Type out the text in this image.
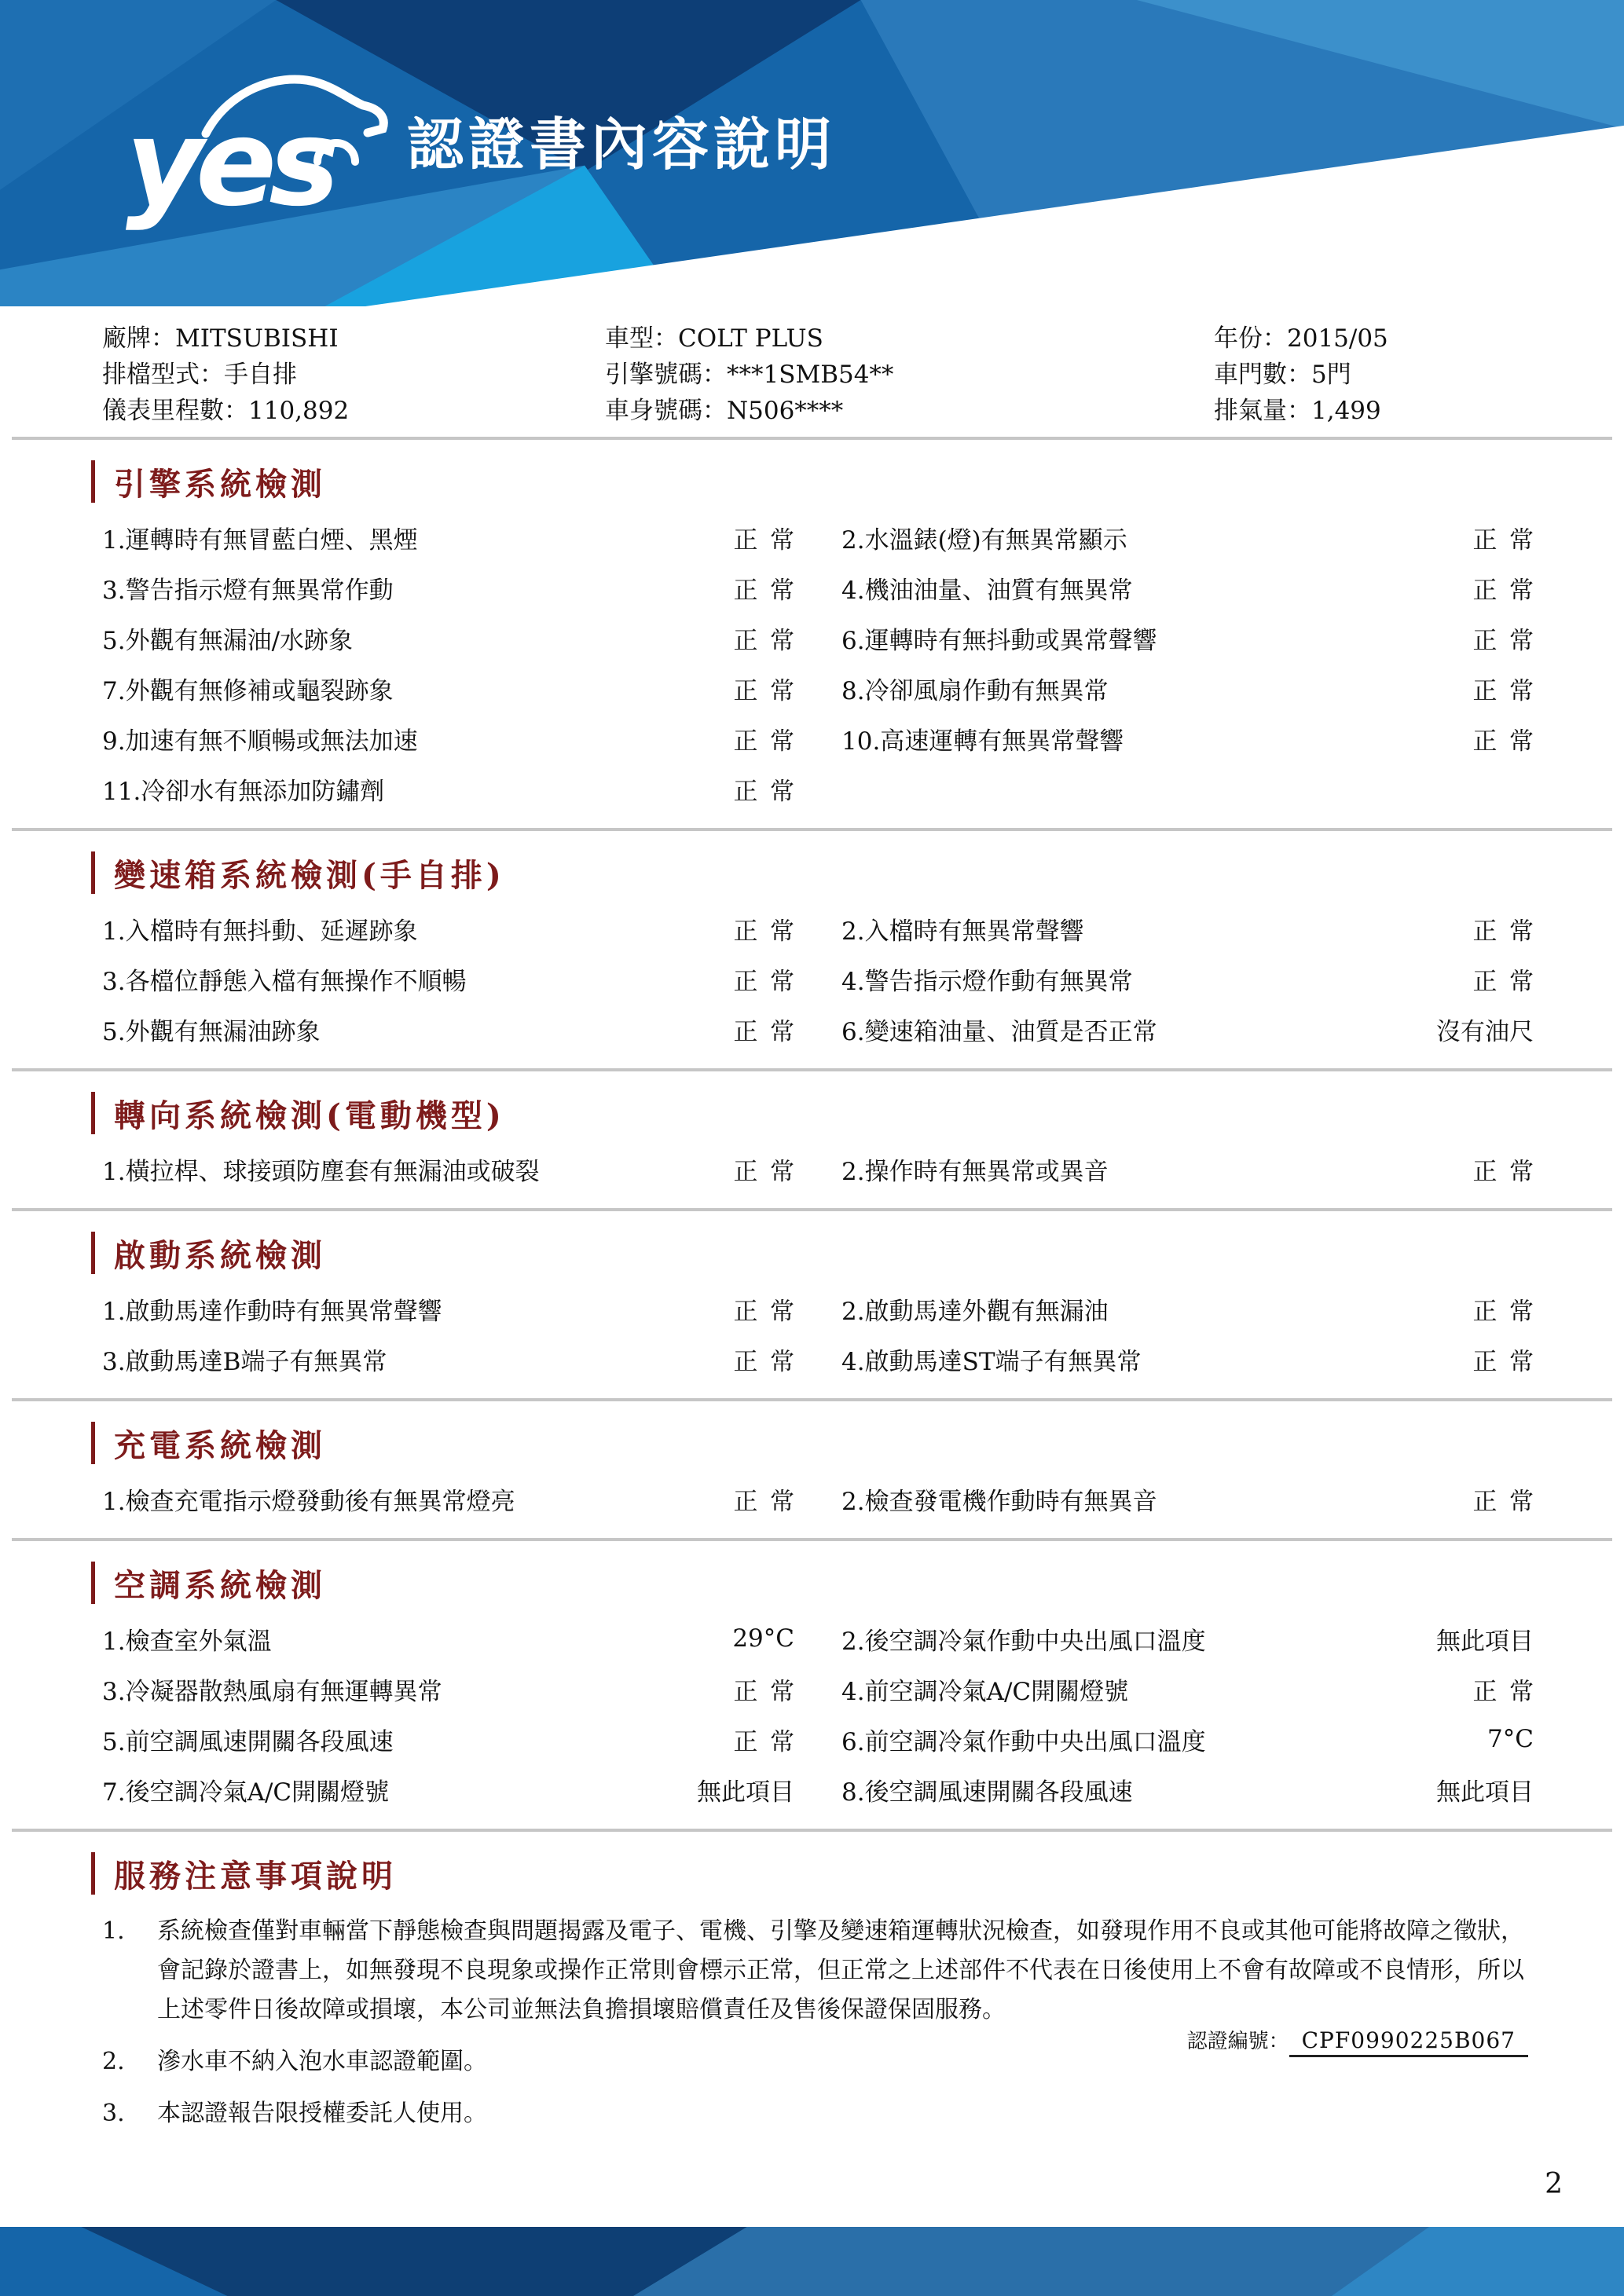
yes 認證書內容說明
廠牌：MITSUBISHI
排檔型式：手自排
儀表里程數：110,892
車型：COLT PLUS
引擎號碼：***1SMB54**
車身號碼：N506****
年份：2015/05
車門數：5門
排氣量：1,499
引擎系統檢測
1.運轉時有無冒藍白煙、黑煙	正常 2.水溫錶(燈)有無異常顯示	正常
3.警告指示燈有無異常作動	正常 4.機油油量、油質有無異常	正常
5.外觀有無漏油/水跡象	正常 6.運轉時有無抖動或異常聲響	正常
7.外觀有無修補或龜裂跡象	正常 8.冷卻風扇作動有無異常	正常
9.加速有無不順暢或無法加速	正常 10.高速運轉有無異常聲響	正常
11.冷卻水有無添加防鏽劑	正常
變速箱系統檢測(手自排)
1.入檔時有無抖動、延遲跡象	正常 2.入檔時有無異常聲響	正常
3.各檔位靜態入檔有無操作不順暢	正常 4.警告指示燈作動有無異常	正常
5.外觀有無漏油跡象	正常 6.變速箱油量、油質是否正常	沒有油尺
轉向系統檢測(電動機型)
1.橫拉桿、球接頭防塵套有無漏油或破裂	正常 2.操作時有無異常或異音	正常
啟動系統檢測
1.啟動馬達作動時有無異常聲響	正常 2.啟動馬達外觀有無漏油	正常
3.啟動馬達B端子有無異常	正常 4.啟動馬達ST端子有無異常	正常
充電系統檢測
1.檢查充電指示燈發動後有無異常燈亮	正常 2.檢查發電機作動時有無異音	正常
空調系統檢測
1.檢查室外氣溫	29°C 2.後空調冷氣作動中央出風口溫度	無此項目
3.冷凝器散熱風扇有無運轉異常	正常 4.前空調冷氣A/C開關燈號	正常
5.前空調風速開關各段風速	正常 6.前空調冷氣作動中央出風口溫度	7°C
7.後空調冷氣A/C開關燈號	無此項目 8.後空調風速開關各段風速	無此項目
服務注意事項說明
1.	系統檢查僅對車輛當下靜態檢查與問題揭露及電子、電機、引擎及變速箱運轉狀況檢查，如發現作用不良或其他可能將故障之徵狀，會記錄於證書上，如無發現不良現象或操作正常則會標示正常，但正常之上述部件不代表在日後使用上不會有故障或不良情形，所以上述零件日後故障或損壞，本公司並無法負擔損壞賠償責任及售後保證保固服務。
2.	滲水車不納入泡水車認證範圍。
3.	本認證報告限授權委託人使用。
認證編號： CPF0990225B067
2
